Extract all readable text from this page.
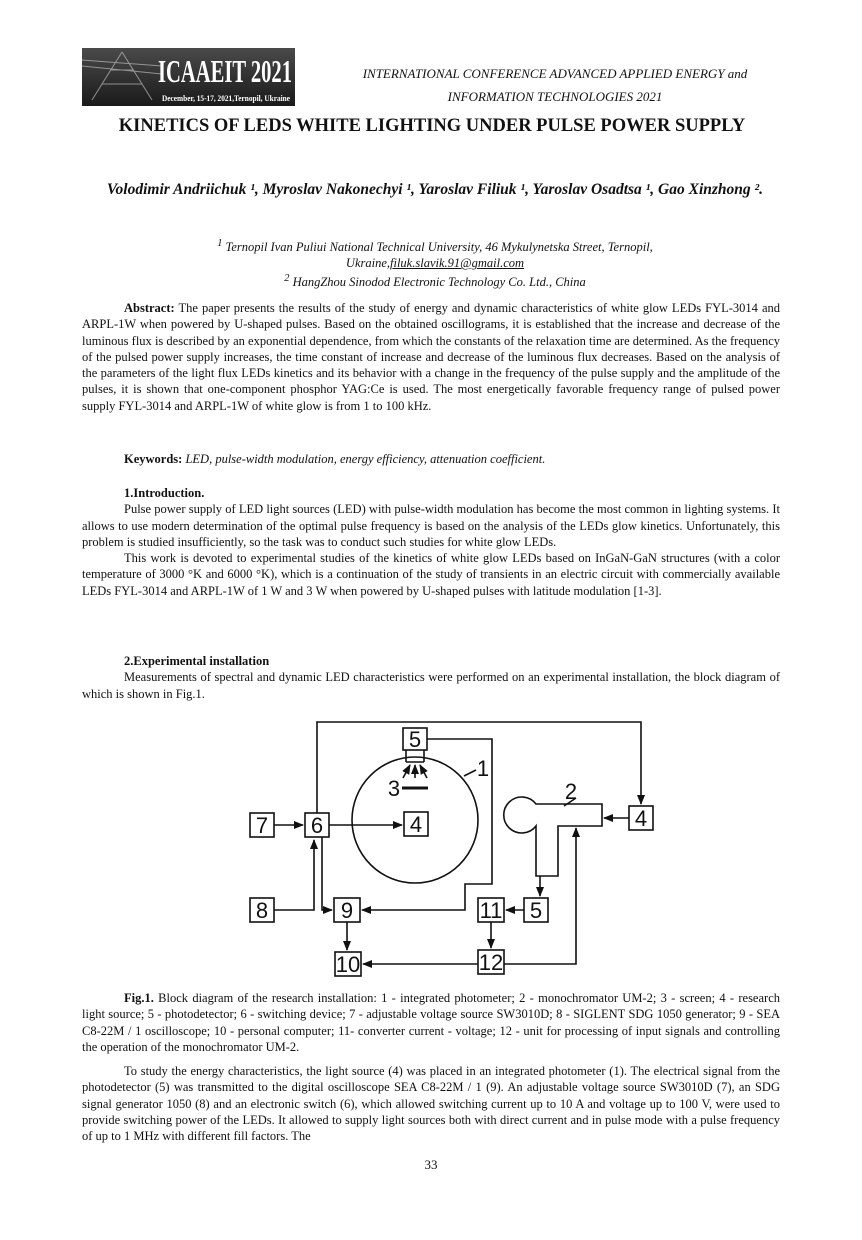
ICAAEIT 2021
December, 15-17, 2021,Ternopil, Ukraine
INTERNATIONAL CONFERENCE ADVANCED APPLIED ENERGY and
INFORMATION TECHNOLOGIES 2021
KINETICS OF LEDS WHITE LIGHTING UNDER PULSE POWER SUPPLY
Volodimir Andriichuk ¹, Myroslav Nakonechyi ¹, Yaroslav Filiuk ¹, Yaroslav Osadtsa ¹, Gao Xinzhong ².
$^1$ Ternopil Ivan Puliui National Technical University, 46 Mykulynetska Street, Ternopil, Ukraine,filuk.slavik.91@gmail.com
$^2$ HangZhou Sinodod Electronic Technology Co. Ltd., China

Abstract: The paper presents the results of the study of energy and dynamic characteristics of white glow LEDs FYL-3014 and ARPL-1W when powered by U-shaped pulses. Based on the obtained oscillograms, it is established that the increase and decrease of the luminous flux is described by an exponential dependence, from which the constants of the relaxation time are determined. As the frequency of the pulsed power supply increases, the time constant of increase and decrease of the luminous flux decreases. Based on the analysis of the parameters of the light flux LEDs kinetics and its behavior with a change in the frequency of the pulse supply and the amplitude of the pulses, it is shown that one-component phosphor YAG:Ce is used. The most energetically favorable frequency range of pulsed power supply FYL-3014 and ARPL-1W of white glow is from 1 to 100 kHz.

Keywords: LED, pulse-width modulation, energy efficiency, attenuation coefficient.

1.Introduction.

Pulse power supply of LED light sources (LED) with pulse-width modulation has become the most common in lighting systems. It allows to use modern determination of the optimal pulse frequency is based on the analysis of the LEDs glow kinetics. Unfortunately, this problem is studied insufficiently, so the task was to conduct such studies for white glow LEDs.

This work is devoted to experimental studies of the kinetics of white glow LEDs based on InGaN-GaN structures (with a color temperature of 3000 °K and 6000 °K), which is a continuation of the study of transients in an electric circuit with commercially available LEDs FYL-3014 and ARPL-1W of 1 W and 3 W when powered by U-shaped pulses with latitude modulation [1-3].

2.Experimental installation

Measurements of spectral and dynamic LED characteristics were performed on an experimental installation, the block diagram of which is shown in Fig.1.

5
1
3
4
7 6
2
4
8	9	11 5
10	12

Fig.1. Block diagram of the research installation: 1 - integrated photometer; 2 - monochromator UM-2; 3 - screen; 4 - research light source; 5 - photodetector; 6 - switching device; 7 - adjustable voltage source SW3010D; 8 - SIGLENT SDG 1050 generator; 9 - SEA C8-22M / 1 oscilloscope; 10 - personal computer; 11- converter current - voltage; 12 - unit for processing of input signals and controlling the operation of the monochromator UM-2.

To study the energy characteristics, the light source (4) was placed in an integrated photometer (1). The electrical signal from the photodetector (5) was transmitted to the digital oscilloscope SEA C8-22M / 1 (9). An adjustable voltage source SW3010D (7), an SDG signal generator 1050 (8) and an electronic switch (6), which allowed switching current up to 10 A and voltage up to 100 V, were used to provide switching power of the LEDs. It allowed to supply light sources both with direct current and in pulse mode with a pulse frequency of up to 1 MHz with different fill factors. The

33
